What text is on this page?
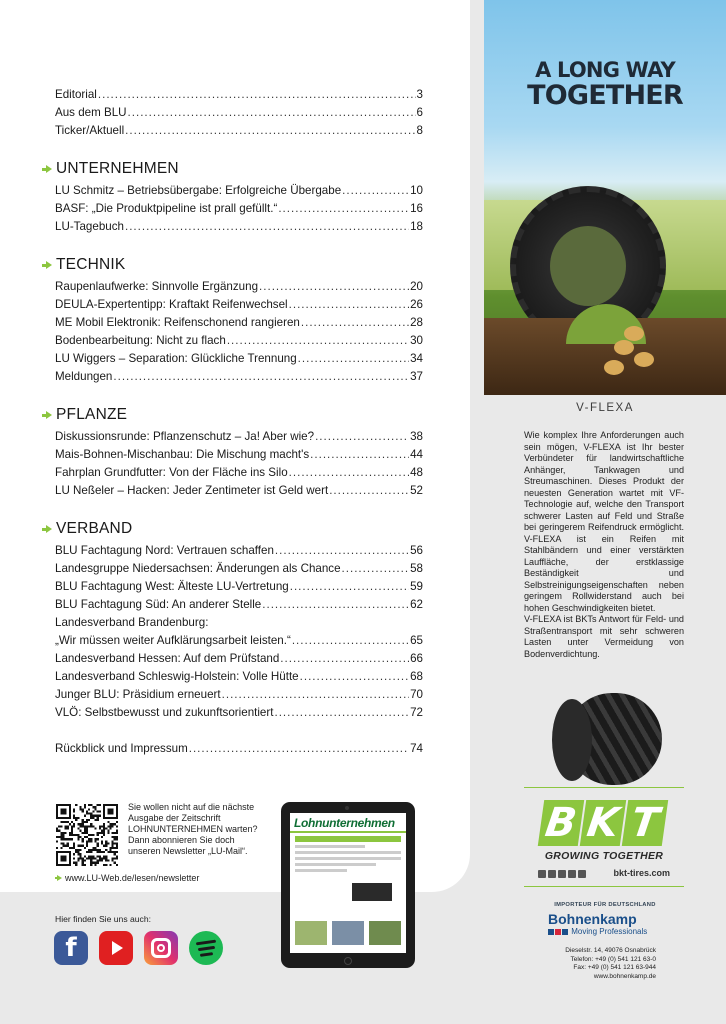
Editorial .....	3
Aus dem BLU .....	6
Ticker/Aktuell .....	8
UNTERNEHMEN
LU Schmitz – Betriebsübergabe: Erfolgreiche Übergabe .....	10
BASF: „Die Produktpipeline ist prall gefüllt.“ .....	16
LU-Tagebuch .....	18
TECHNIK
Raupenlaufwerke: Sinnvolle Ergänzung .....	20
DEULA-Expertentipp: Kraftakt Reifenwechsel .....	26
ME Mobil Elektronik: Reifenschonend rangieren .....	28
Bodenbearbeitung: Nicht zu flach .....	30
LU Wiggers – Separation: Glückliche Trennung .....	34
Meldungen .....	37
PFLANZE
Diskussionsrunde: Pflanzenschutz – Ja! Aber wie? .....	38
Mais-Bohnen-Mischanbau: Die Mischung macht's .....	44
Fahrplan Grundfutter: Von der Fläche ins Silo .....	48
LU Neßeler – Hacken: Jeder Zentimeter ist Geld wert .....	52
VERBAND
BLU Fachtagung Nord: Vertrauen schaffen .....	56
Landesgruppe Niedersachsen: Änderungen als Chance .....	58
BLU Fachtagung West: Älteste LU-Vertretung .....	59
BLU Fachtagung Süd: An anderer Stelle .....	62
Landesverband Brandenburg:
„Wir müssen weiter Aufklärungsarbeit leisten.“ .....	65
Landesverband Hessen: Auf dem Prüfstand .....	66
Landesverband Schleswig-Holstein: Volle Hütte .....	68
Junger BLU: Präsidium erneuert .....	70
VLÖ: Selbstbewusst und zukunftsorientiert .....	72
Rückblick und Impressum .....	74
Sie wollen nicht auf die nächste Ausgabe der Zeitschrift LOHNUNTERNEHMEN warten? Dann abonnieren Sie doch unseren Newsletter „LU-Mail“.
www.LU-Web.de/lesen/newsletter
Lohnunternehmen
Hier finden Sie uns auch:
f
A LONG WAY
TOGETHER
V-FLEXA

Wie komplex Ihre Anforderungen auch sein mögen, V-FLEXA ist Ihr bester Verbündeter für landwirtschaftliche Anhänger, Tankwagen und Streumaschinen. Dieses Produkt der neuesten Generation wartet mit VF-Technologie auf, welche den Transport schwerer Lasten auf Feld und Straße bei geringerem Reifendruck ermöglicht. V-FLEXA ist ein Reifen mit Stahlbändern und einer verstärkten Lauffläche, der erstklassige Beständigkeit und Selbstreinigungseigenschaften neben geringem Rollwiderstand auch bei hohen Geschwindigkeiten bietet.

V-FLEXA ist BKTs Antwort für Feld- und Straßentransport mit sehr schweren Lasten unter Vermeidung von Bodenverdichtung.

B K T
GROWING TOGETHER
bkt-tires.com
IMPORTEUR FÜR DEUTSCHLAND
Bohnenkamp

Moving Professionals
Dieselstr. 14, 49076 Osnabrück
Telefon: +49 (0) 541 121 63-0
Fax: +49 (0) 541 121 63-944
www.bohnenkamp.de
